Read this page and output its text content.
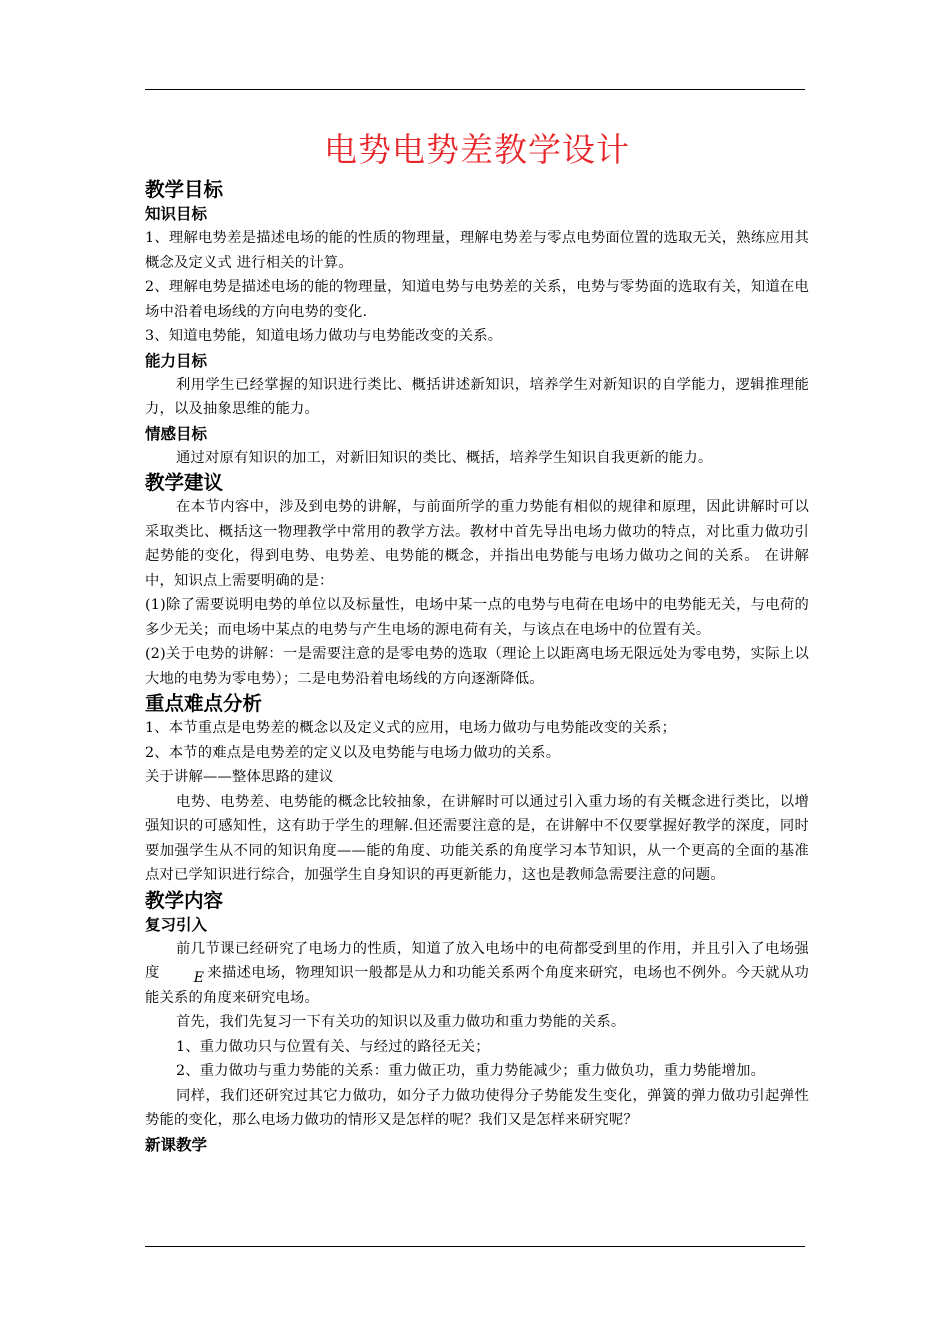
电势电势差教学设计
教学目标
知识目标

1、理解电势差是描述电场的能的性质的物理量，理解电势差与零点电势面位置的选取无关，熟练应用其概念及定义式 进行相关的计算。

2、理解电势是描述电场的能的物理量，知道电势与电势差的关系，电势与零势面的选取有关，知道在电场中沿着电场线的方向电势的变化.

3、知道电势能，知道电场力做功与电势能改变的关系。

能力目标

利用学生已经掌握的知识进行类比、概括讲述新知识，培养学生对新知识的自学能力，逻辑推理能力，以及抽象思维的能力。

情感目标

通过对原有知识的加工，对新旧知识的类比、概括，培养学生知识自我更新的能力。

教学建议

在本节内容中，涉及到电势的讲解，与前面所学的重力势能有相似的规律和原理，因此讲解时可以采取类比、概括这一物理教学中常用的教学方法。教材中首先导出电场力做功的特点，对比重力做功引起势能的变化，得到电势、电势差、电势能的概念，并指出电势能与电场力做功之间的关系。 在讲解中，知识点上需要明确的是：

(1)除了需要说明电势的单位以及标量性，电场中某一点的电势与电荷在电场中的电势能无关，与电荷的多少无关；而电场中某点的电势与产生电场的源电荷有关，与该点在电场中的位置有关。

(2)关于电势的讲解：一是需要注意的是零电势的选取（理论上以距离电场无限远处为零电势，实际上以大地的电势为零电势）；二是电势沿着电场线的方向逐渐降低。

重点难点分析

1、本节重点是电势差的概念以及定义式的应用，电场力做功与电势能改变的关系；

2、本节的难点是电势差的定义以及电势能与电场力做功的关系。

关于讲解——整体思路的建议

电势、电势差、电势能的概念比较抽象，在讲解时可以通过引入重力场的有关概念进行类比，以增强知识的可感知性，这有助于学生的理解.但还需要注意的是，在讲解中不仅要掌握好教学的深度，同时要加强学生从不同的知识角度——能的角度、功能关系的角度学习本节知识，从一个更高的全面的基准点对已学知识进行综合，加强学生自身知识的再更新能力，这也是教师急需要注意的问题。

教学内容
复习引入

前几节课已经研究了电场力的性质，知道了放入电场中的电荷都受到里的作用，并且引入了电场强度 E 来描述电场，物理知识一般都是从力和功能关系两个角度来研究，电场也不例外。今天就从功能关系的角度来研究电场。

首先，我们先复习一下有关功的知识以及重力做功和重力势能的关系。

1、重力做功只与位置有关、与经过的路径无关；

2、重力做功与重力势能的关系：重力做正功，重力势能减少；重力做负功，重力势能增加。

同样，我们还研究过其它力做功，如分子力做功使得分子势能发生变化，弹簧的弹力做功引起弹性势能的变化，那么电场力做功的情形又是怎样的呢？我们又是怎样来研究呢？

新课教学
